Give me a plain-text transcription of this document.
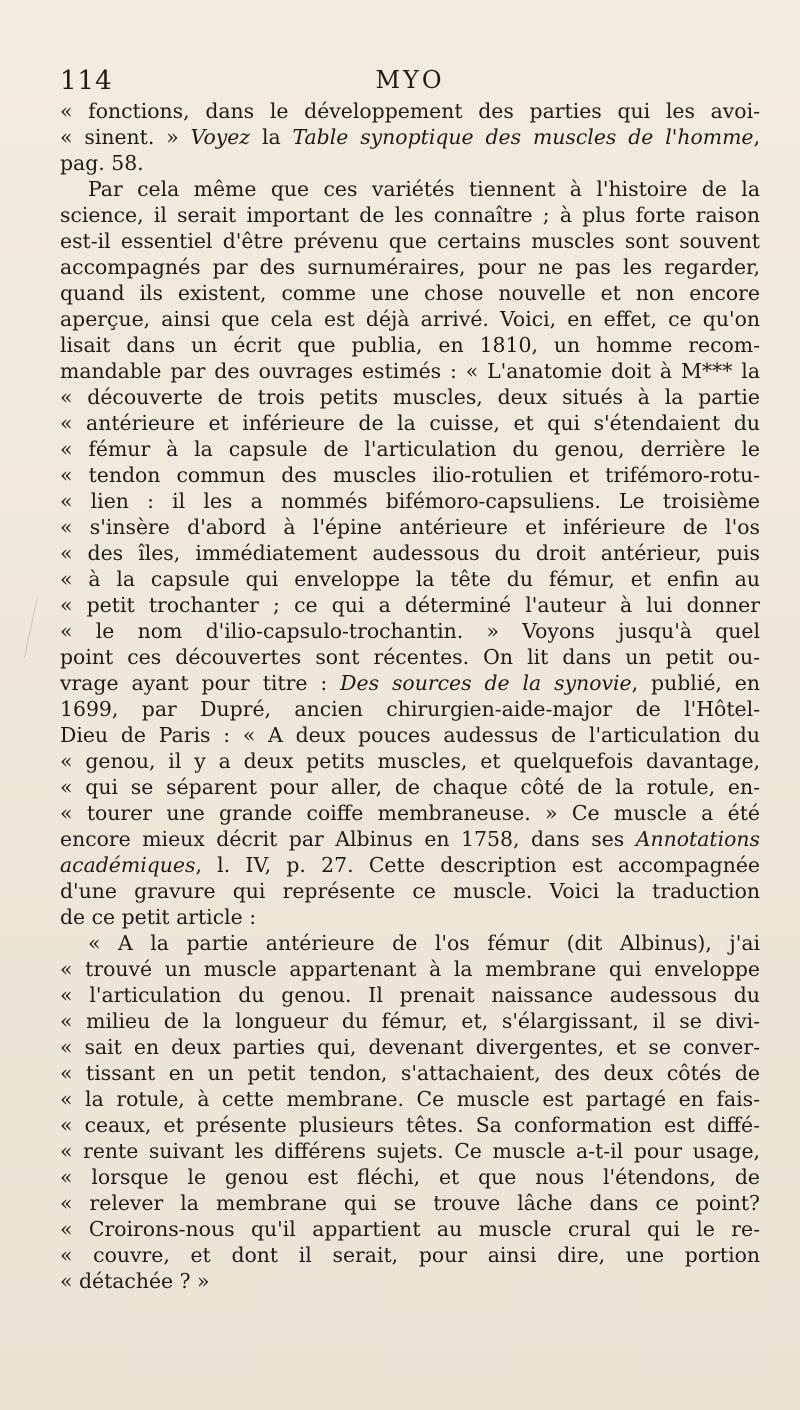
114	MYO
« fonctions, dans le développement des parties qui les avoi-
« sinent. » Voyez la Table synoptique des muscles de l'homme,
pag. 58.
Par cela même que ces variétés tiennent à l'histoire de la
science, il serait important de les connaître ; à plus forte raison
est-il essentiel d'être prévenu que certains muscles sont souvent
accompagnés par des surnuméraires, pour ne pas les regarder,
quand ils existent, comme une chose nouvelle et non encore
aperçue, ainsi que cela est déjà arrivé. Voici, en effet, ce qu'on
lisait dans un écrit que publia, en 1810, un homme recom-
mandable par des ouvrages estimés : « L'anatomie doit à M*** la
« découverte de trois petits muscles, deux situés à la partie
« antérieure et inférieure de la cuisse, et qui s'étendaient du
« fémur à la capsule de l'articulation du genou, derrière le
« tendon commun des muscles ilio-rotulien et trifémoro-rotu-
« lien : il les a nommés bifémoro-capsuliens. Le troisième
« s'insère d'abord à l'épine antérieure et inférieure de l'os
« des îles, immédiatement audessous du droit antérieur, puis
« à la capsule qui enveloppe la tête du fémur, et enfin au
« petit trochanter ; ce qui a déterminé l'auteur à lui donner
« le nom d'ilio-capsulo-trochantin. » Voyons jusqu'à quel
point ces découvertes sont récentes. On lit dans un petit ou-
vrage ayant pour titre : Des sources de la synovie, publié, en
1699, par Dupré, ancien chirurgien-aide-major de l'Hôtel-
Dieu de Paris : « A deux pouces audessus de l'articulation du
« genou, il y a deux petits muscles, et quelquefois davantage,
« qui se séparent pour aller, de chaque côté de la rotule, en-
« tourer une grande coiffe membraneuse. » Ce muscle a été
encore mieux décrit par Albinus en 1758, dans ses Annotations
académiques, l. IV, p. 27. Cette description est accompagnée
d'une gravure qui représente ce muscle. Voici la traduction
de ce petit article :
« A la partie antérieure de l'os fémur (dit Albinus), j'ai
« trouvé un muscle appartenant à la membrane qui enveloppe
« l'articulation du genou. Il prenait naissance audessous du
« milieu de la longueur du fémur, et, s'élargissant, il se divi-
« sait en deux parties qui, devenant divergentes, et se conver-
« tissant en un petit tendon, s'attachaient, des deux côtés de
« la rotule, à cette membrane. Ce muscle est partagé en fais-
« ceaux, et présente plusieurs têtes. Sa conformation est diffé-
« rente suivant les différens sujets. Ce muscle a-t-il pour usage,
« lorsque le genou est fléchi, et que nous l'étendons, de
« relever la membrane qui se trouve lâche dans ce point?
« Croirons-nous qu'il appartient au muscle crural qui le re-
« couvre, et dont il serait, pour ainsi dire, une portion
« détachée ? »
